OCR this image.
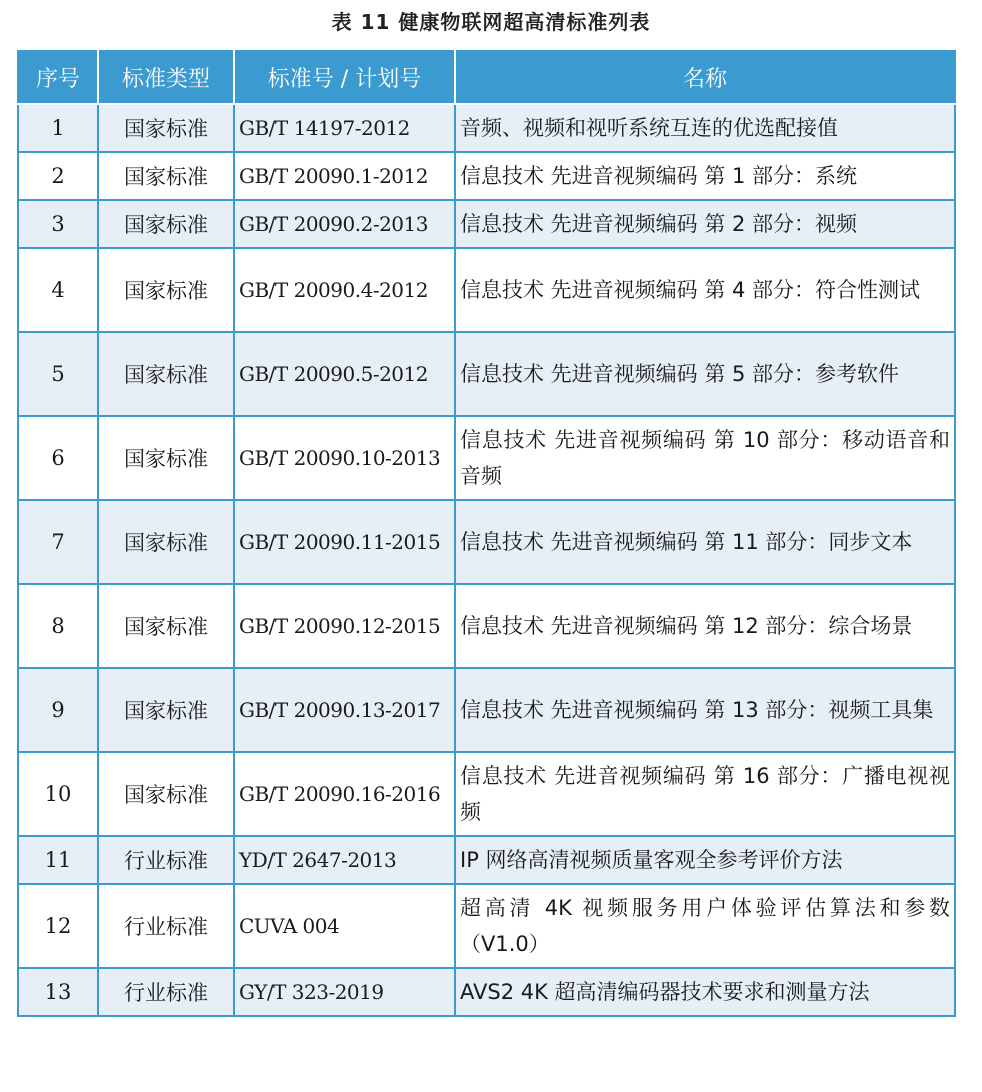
表 11 健康物联网超高清标准列表
序号	标准类型	标准号 / 计划号	名称
1	国家标准	GB/T 14197-2012	音频、视频和视听系统互连的优选配接值
2	国家标准	GB/T 20090.1-2012	信息技术 先进音视频编码 第 1 部分：系统
3	国家标准	GB/T 20090.2-2013	信息技术 先进音视频编码 第 2 部分：视频
4	国家标准	GB/T 20090.4-2012	信息技术 先进音视频编码 第 4 部分：符合性测试
5	国家标准	GB/T 20090.5-2012	信息技术 先进音视频编码 第 5 部分：参考软件
6	国家标准	GB/T 20090.10-2013	信息技术 先进音视频编码 第 10 部分：移动语音和音频
7	国家标准	GB/T 20090.11-2015	信息技术 先进音视频编码 第 11 部分：同步文本
8	国家标准	GB/T 20090.12-2015	信息技术 先进音视频编码 第 12 部分：综合场景
9	国家标准	GB/T 20090.13-2017	信息技术 先进音视频编码 第 13 部分：视频工具集
10	国家标准	GB/T 20090.16-2016	信息技术 先进音视频编码 第 16 部分：广播电视视频
11	行业标准	YD/T 2647-2013	IP 网络高清视频质量客观全参考评价方法
12	行业标准	CUVA 004	超高清 4K 视频服务用户体验评估算法和参数（V1.0）
13	行业标准	GY/T 323-2019	AVS2 4K 超高清编码器技术要求和测量方法
